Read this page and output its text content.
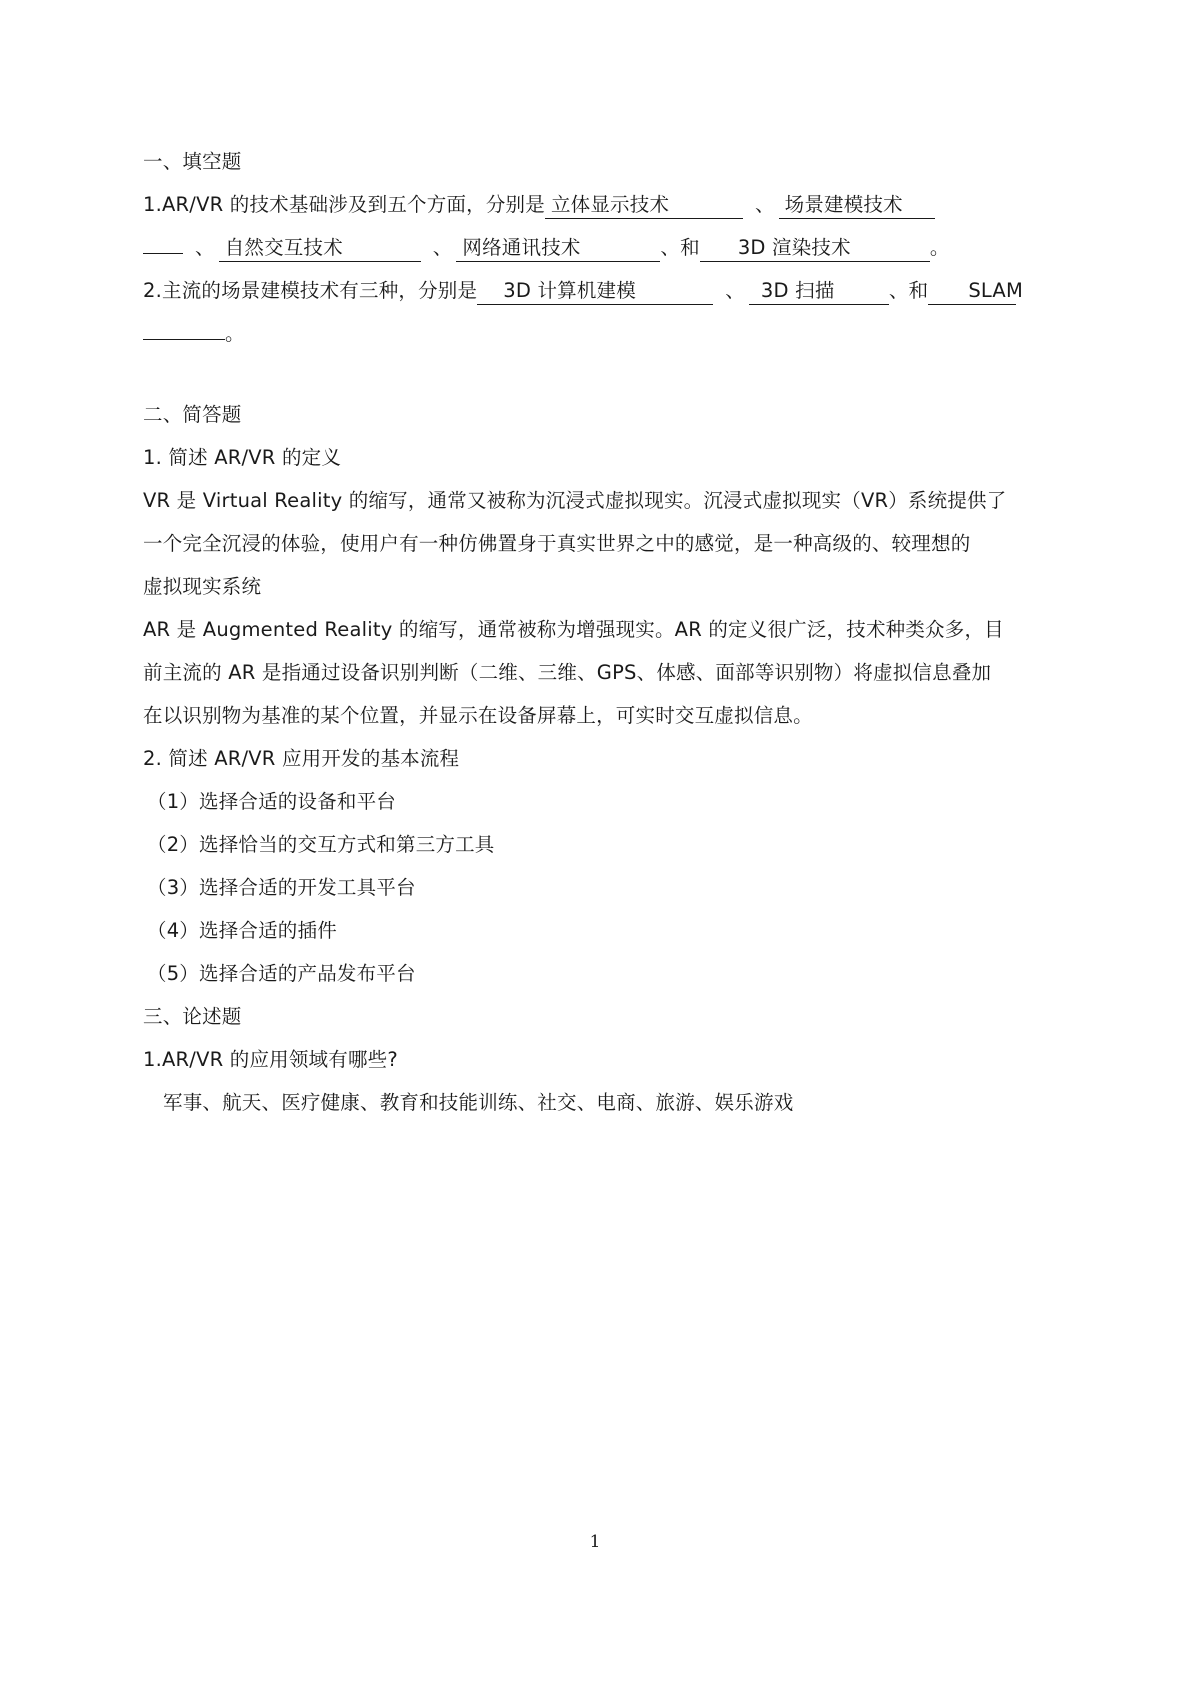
一、填空题
1.AR/VR 的技术基础涉及到五个方面，分别是 立体显示技术	、 场景建模技术
、 自然交互技术	、 网络通讯技术	、和 3D 渲染技术	。
2.主流的场景建模技术有三种，分别是 3D 计算机建模	、 3D 扫描	、和 SLAM
。
二、简答题
1. 简述 AR/VR 的定义
VR 是 Virtual Reality 的缩写，通常又被称为沉浸式虚拟现实。沉浸式虚拟现实（VR）系统提供了
一个完全沉浸的体验，使用户有一种仿佛置身于真实世界之中的感觉，是一种高级的、较理想的
虚拟现实系统
AR 是 Augmented Reality 的缩写，通常被称为增强现实。AR 的定义很广泛，技术种类众多，目
前主流的 AR 是指通过设备识别判断（二维、三维、GPS、体感、面部等识别物）将虚拟信息叠加
在以识别物为基准的某个位置，并显示在设备屏幕上，可实时交互虚拟信息。
2. 简述 AR/VR 应用开发的基本流程
（1）选择合适的设备和平台
（2）选择恰当的交互方式和第三方工具
（3）选择合适的开发工具平台
（4）选择合适的插件
（5）选择合适的产品发布平台
三、论述题
1.AR/VR 的应用领域有哪些?
军事、航天、医疗健康、教育和技能训练、社交、电商、旅游、娱乐游戏
1
